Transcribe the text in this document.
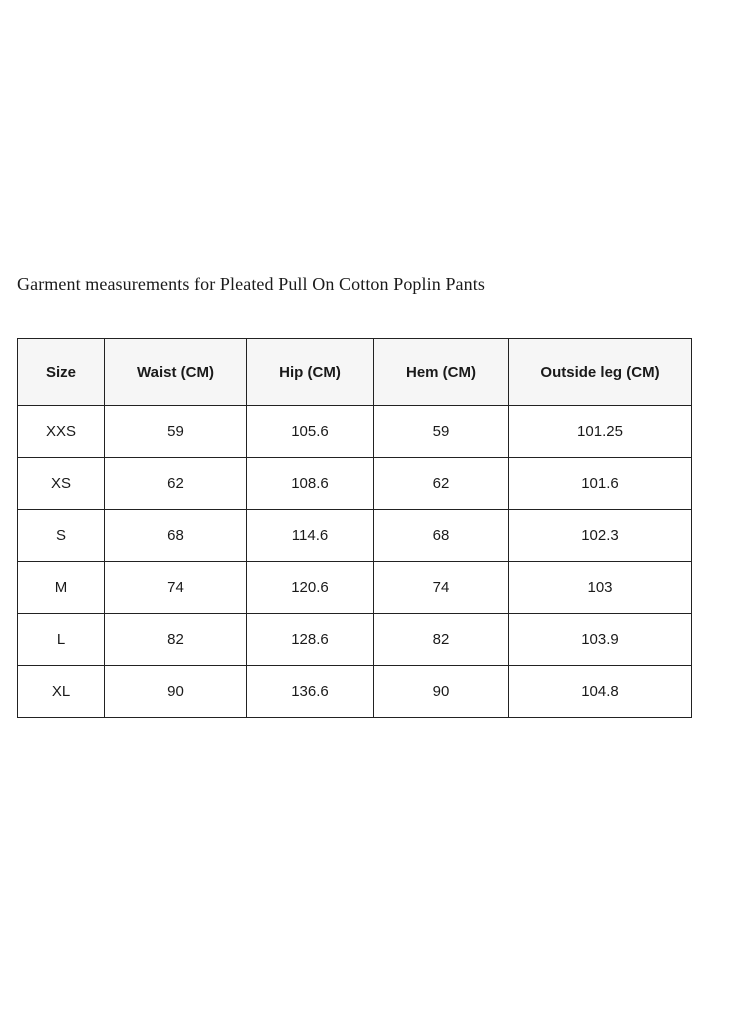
Garment measurements for Pleated Pull On Cotton Poplin Pants
Size	Waist (CM)	Hip (CM)	Hem (CM)	Outside leg (CM)
XXS	59	105.6	59	101.25
XS	62	108.6	62	101.6
S	68	114.6	68	102.3
M	74	120.6	74	103
L	82	128.6	82	103.9
XL	90	136.6	90	104.8
